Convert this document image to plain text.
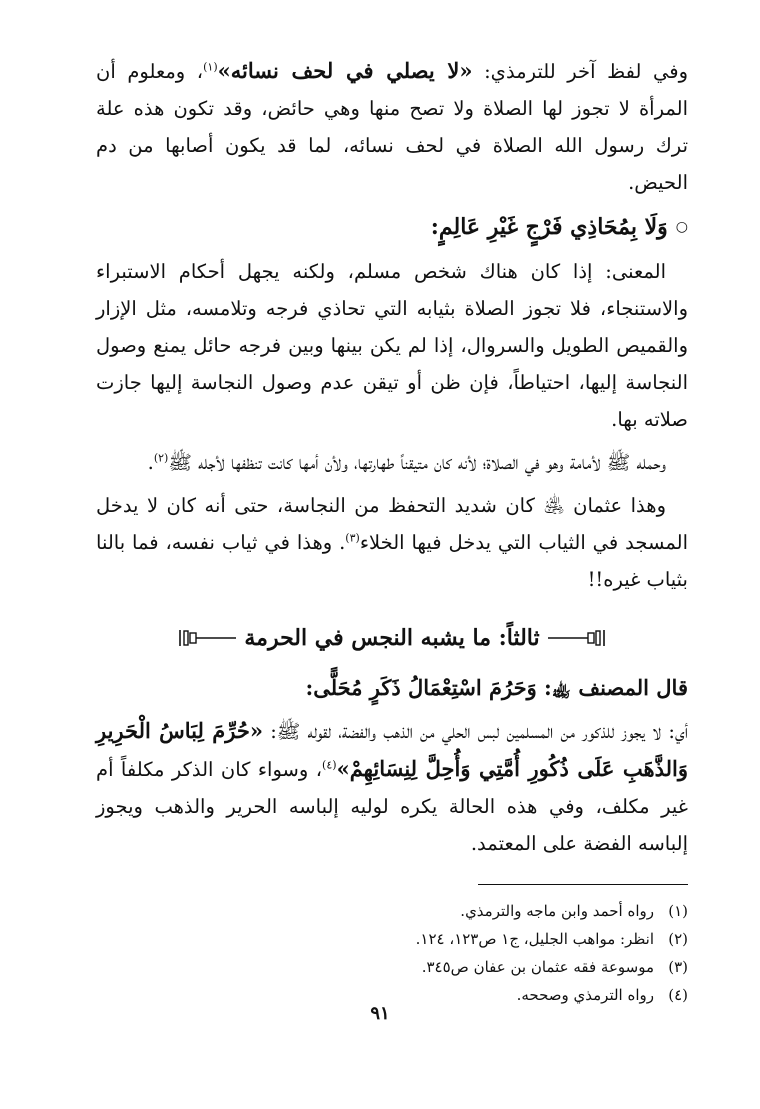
وفي لفظ آخر للترمذي: «لا يصلي في لحف نسائه»$^{(١)}$، ومعلوم أن المرأة لا تجوز لها الصلاة ولا تصح منها وهي حائض، وقد تكون هذه علة ترك رسول الله الصلاة في لحف نسائه، لما قد يكون أصابها من دم الحيض.

○
وَلَا بِمُحَاذِي فَرْجٍ غَيْرِ عَالِمٍ:

المعنى: إذا كان هناك شخص مسلم، ولكنه يجهل أحكام الاستبراء والاستنجاء، فلا تجوز الصلاة بثيابه التي تحاذي فرجه وتلامسه، مثل الإزار والقميص الطويل والسروال، إذا لم يكن بينها وبين فرجه حائل يمنع وصول النجاسة إليها، احتياطاً، فإن ظن أو تيقن عدم وصول النجاسة إليها جازت صلاته بها.

وحمله ﷺ لأمامة وهو في الصلاة؛ لأنه كان متيقناً طهارتها، ولأن أمها كانت تنظفها لأجله ﷺ$^{(٢)}$.

وهذا عثمان ﵁ كان شديد التحفظ من النجاسة، حتى أنه كان لا يدخل المسجد في الثياب التي يدخل فيها الخلاء$^{(٣)}$. وهذا في ثياب نفسه، فما بالنا بثياب غيره!!

ثالثاً: ما يشبه النجس في الحرمة
قال المصنف ﵀: وَحَرُمَ اسْتِعْمَالُ ذَكَرٍ مُحَلًّى:

أي: لا يجوز للذكور من المسلمين لبس الحلي من الذهب والفضة، لقوله ﷺ: «حُرِّمَ لِبَاسُ الْحَرِيرِ وَالذَّهَبِ عَلَى ذُكُورِ أُمَّتِي وَأُحِلَّ لِنِسَائِهِمْ»$^{(٤)}$، وسواء كان الذكر مكلفاً أم غير مكلف، وفي هذه الحالة يكره لوليه إلباسه الحرير والذهب ويجوز إلباسه الفضة على المعتمد.

(١)رواه أحمد وابن ماجه والترمذي.
(٢)انظر: مواهب الجليل، ج١ ص١٢٣، ١٢٤.
(٣)موسوعة فقه عثمان بن عفان ص٣٤٥.
(٤)رواه الترمذي وصححه.
٩١
